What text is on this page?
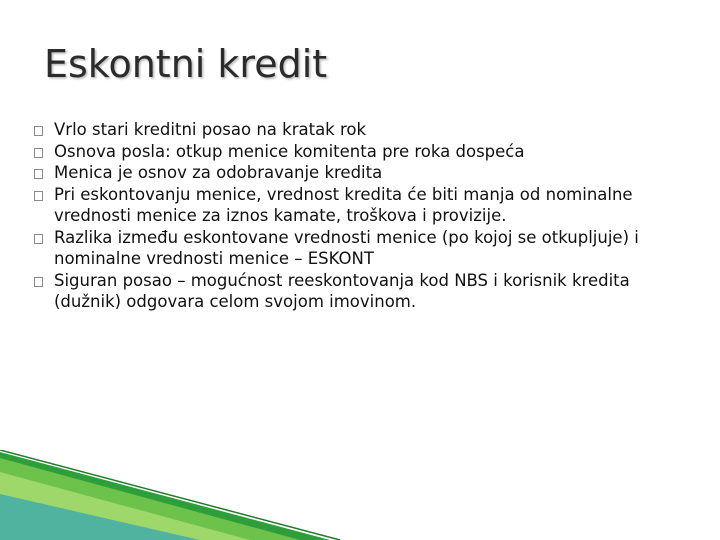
Eskontni kredit
Vrlo stari kreditni posao na kratak rok
Osnova posla: otkup menice komitenta pre roka dospeća
Menica je osnov za odobravanje kredita
Pri eskontovanju menice, vrednost kredita će biti manja od nominalne vrednosti menice za iznos kamate, troškova i provizije.
Razlika između eskontovane vrednosti menice (po kojoj se otkupljuje) i nominalne vrednosti menice – ESKONT
Siguran posao – mogućnost reeskontovanja kod NBS i korisnik kredita (dužnik) odgovara celom svojom imovinom.
